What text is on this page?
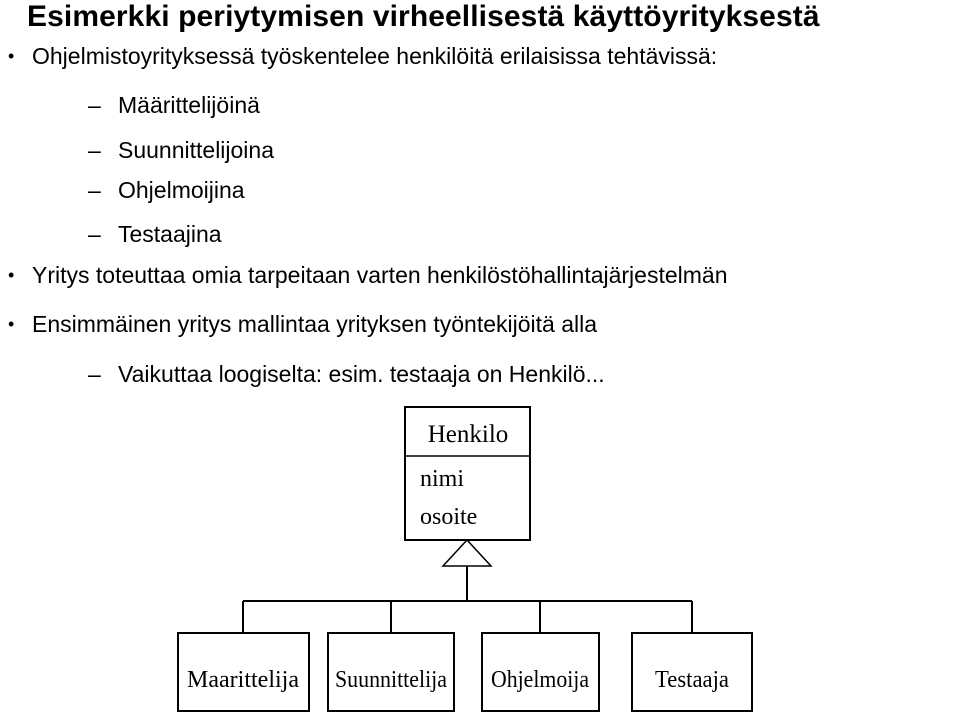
Esimerkki periytymisen virheellisestä käyttöyrityksestä
• Ohjelmistoyrityksessä työskentelee henkilöitä erilaisissa tehtävissä:
– Määrittelijöinä
– Suunnittelijoina
– Ohjelmoijina
– Testaajina
• Yritys toteuttaa omia tarpeitaan varten henkilöstöhallintajärjestelmän
• Ensimmäinen yritys mallintaa yrityksen työntekijöitä alla
– Vaikuttaa loogiselta: esim. testaaja on Henkilö...
Henkilo
nimi
osoite
Maarittelija Suunnittelija Ohjelmoija	Testaaja
